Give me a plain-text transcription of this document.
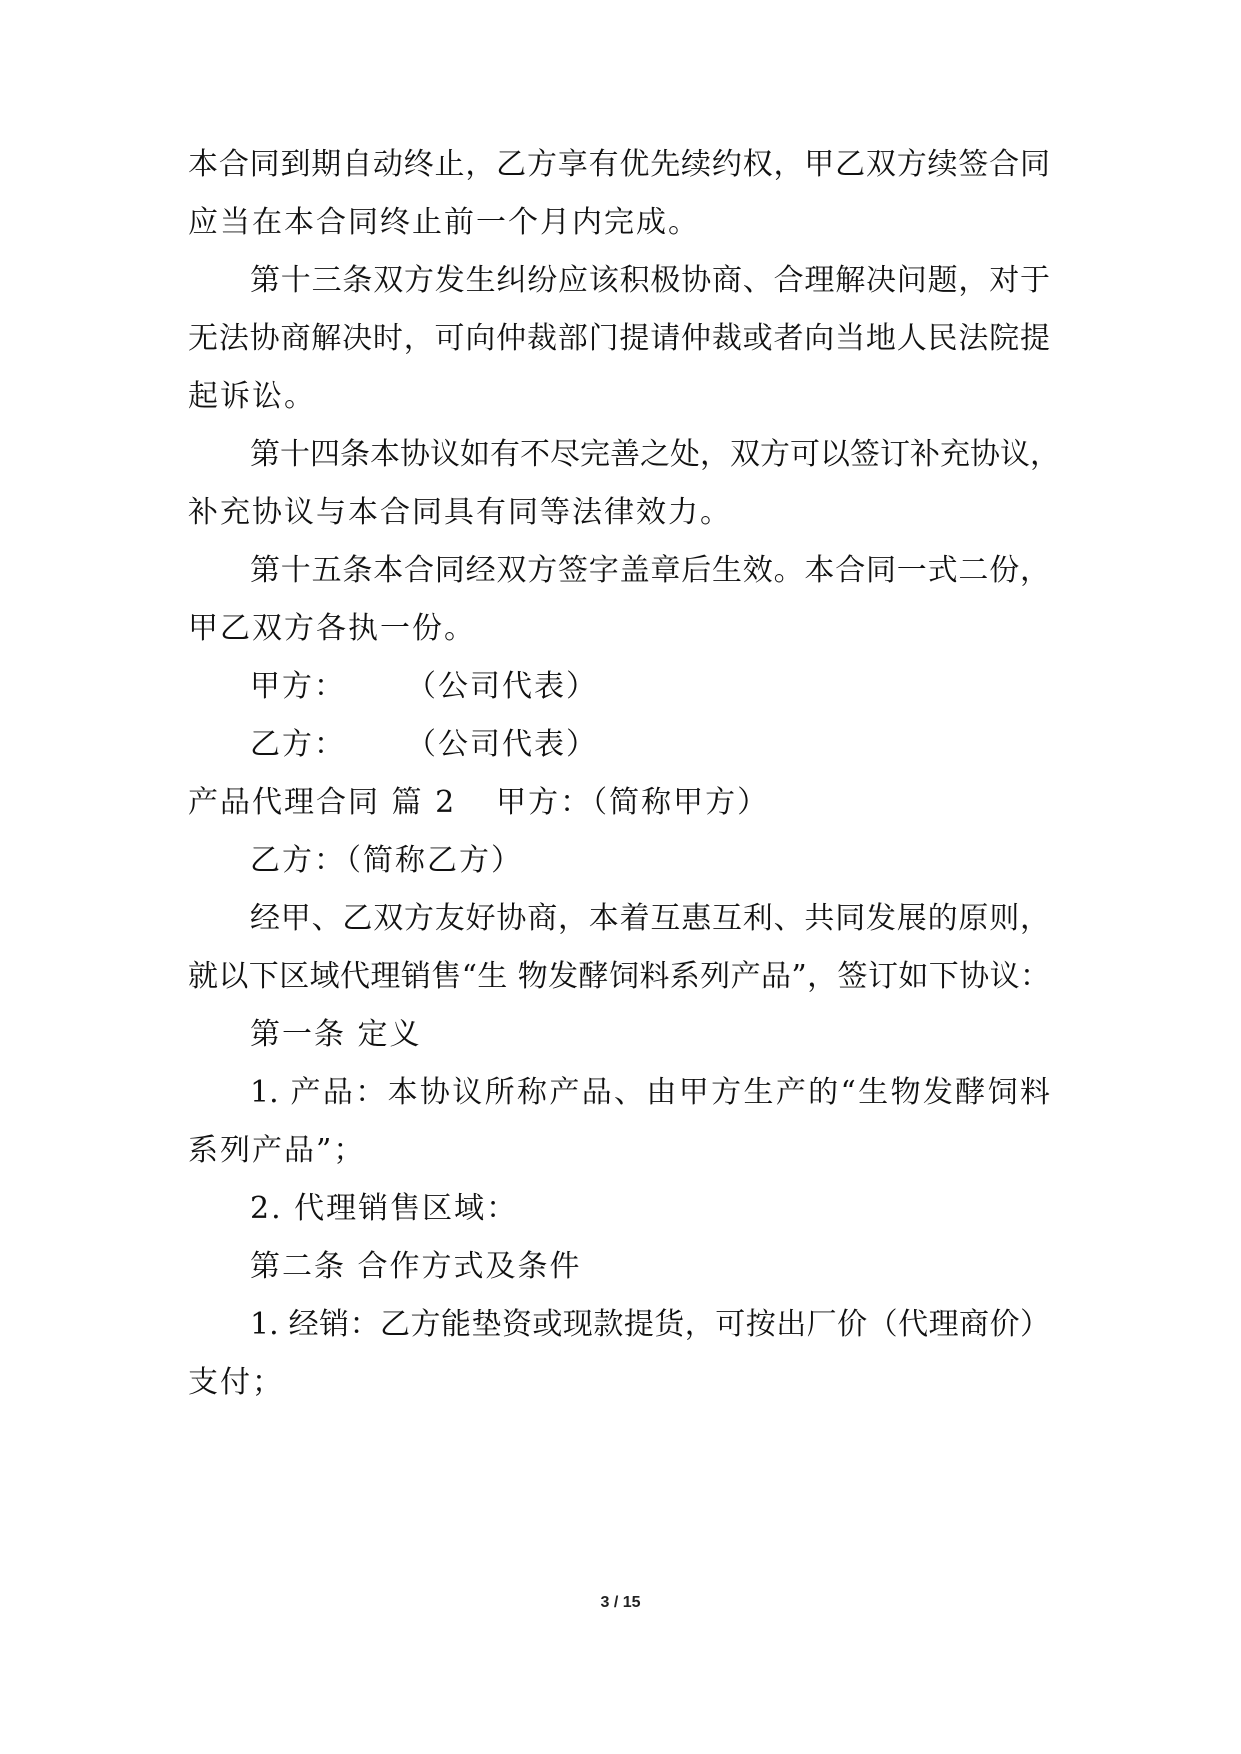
本合同到期自动终止，乙方享有优先续约权，甲乙双方续签合同
应当在本合同终止前一个月内完成。
第十三条双方发生纠纷应该积极协商、合理解决问题，对于
无法协商解决时，可向仲裁部门提请仲裁或者向当地人民法院提
起诉讼。
第十四条本协议如有不尽完善之处，双方可以签订补充协议，
补充协议与本合同具有同等法律效力。
第十五条本合同经双方签字盖章后生效。本合同一式二份，
甲乙双方各执一份。
甲方： （公司代表）
乙方： （公司代表）
产品代理合同 篇 2 甲方：（简称甲方）
乙方：（简称乙方）
经甲、乙双方友好协商，本着互惠互利、共同发展的原则，
就以下区域代理销售“生 物发酵饲料系列产品”，签订如下协议：
第一条 定义
1. 产品：本协议所称产品、由甲方生产的“生物发酵饲料
系列产品”；
2. 代理销售区域：
第二条 合作方式及条件
1. 经销：乙方能垫资或现款提货，可按出厂价（代理商价）
支付；
3 / 15
